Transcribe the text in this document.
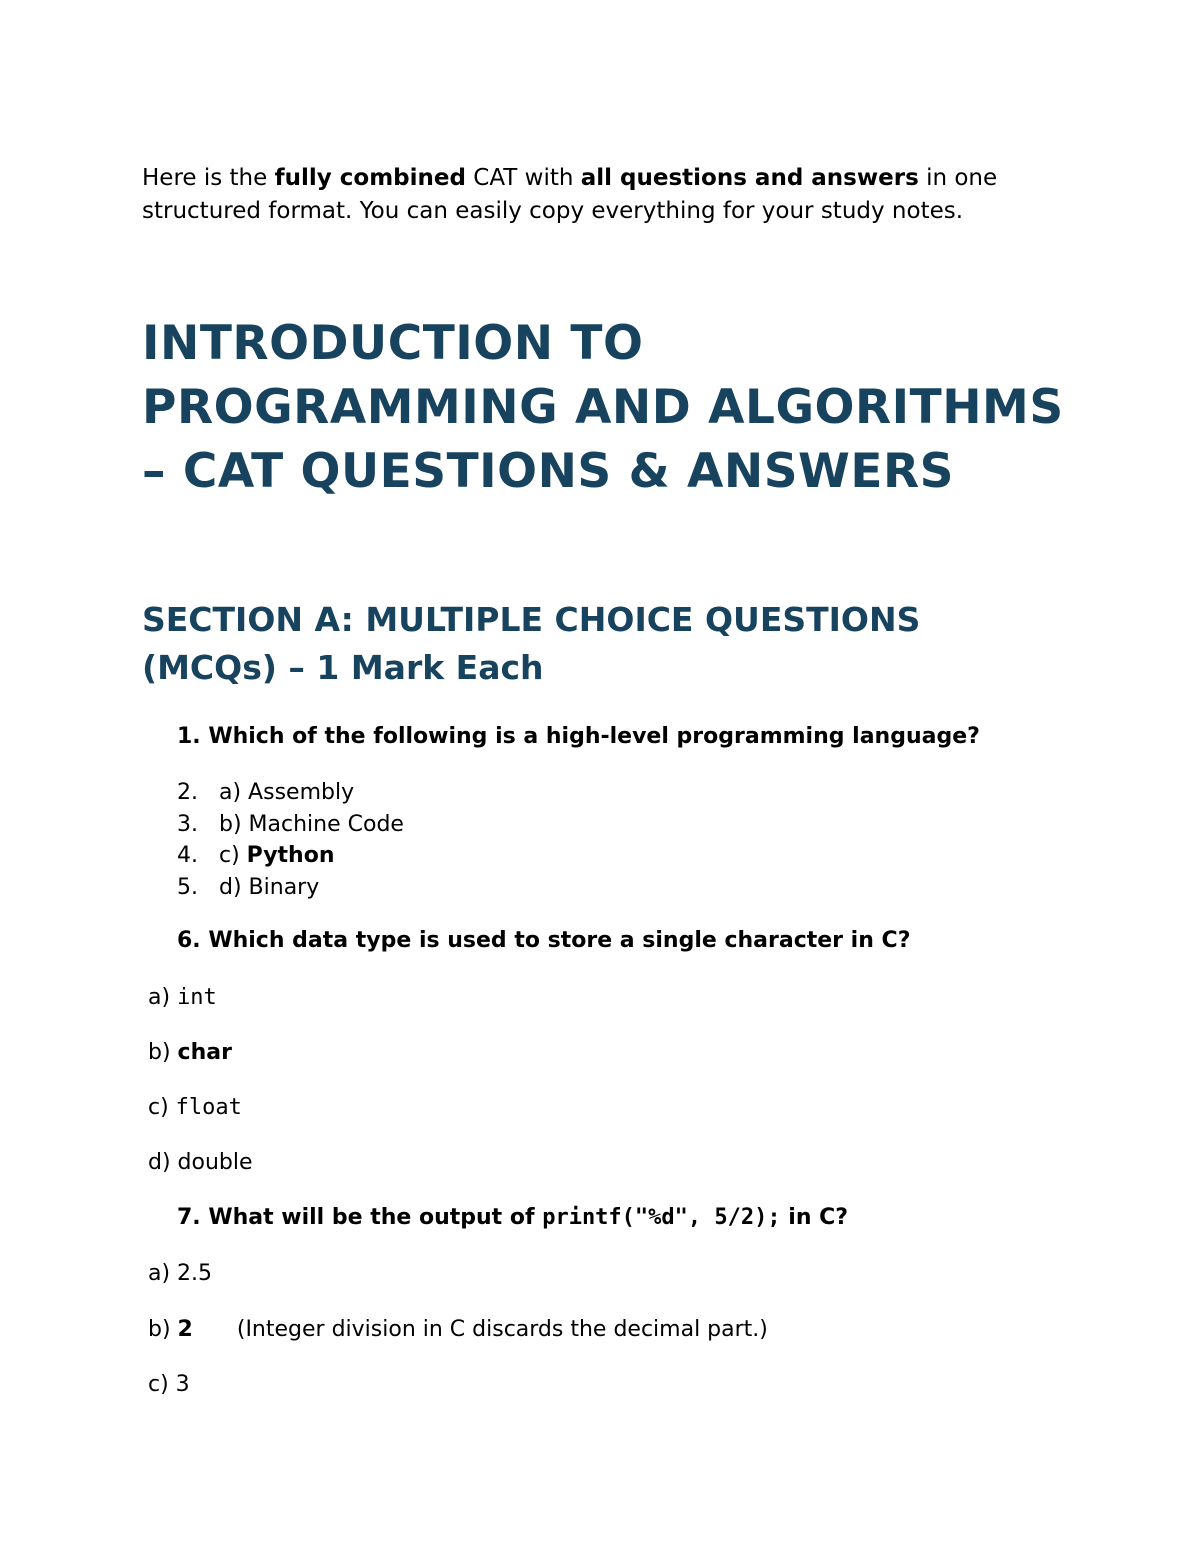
Here is the fully combined CAT with all questions and answers in one structured format. You can easily copy everything for your study notes.
INTRODUCTION TO
PROGRAMMING AND ALGORITHMS
– CAT QUESTIONS & ANSWERS
SECTION A: MULTIPLE CHOICE QUESTIONS
(MCQs) – 1 Mark Each
1. Which of the following is a high-level programming language?
2. a) Assembly
3. b) Machine Code
4. c) Python
5. d) Binary
6. Which data type is used to store a single character in C?
a) int
b) char
c) float
d) double
7. What will be the output of printf("%d", 5/2); in C?
a) 2.5
b) 2 (Integer division in C discards the decimal part.)
c) 3
